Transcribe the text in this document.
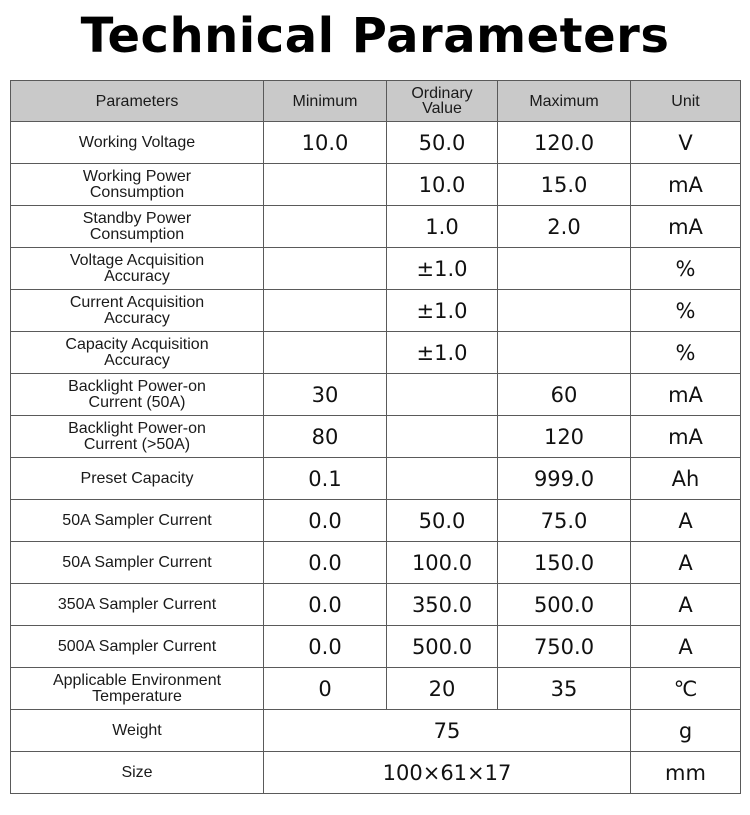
Technical Parameters
Parameters	Minimum	Ordinary Value	Maximum	Unit
Working Voltage	10.0	50.0	120.0	V
Working Power Consumption		10.0	15.0	mA
Standby Power Consumption		1.0	2.0	mA
Voltage Acquisition Accuracy		±1.0		%
Current Acquisition Accuracy		±1.0		%
Capacity Acquisition Accuracy		±1.0		%
Backlight Power-on Current (50A)	30		60	mA
Backlight Power-on Current (>50A)	80		120	mA
Preset Capacity	0.1		999.0	Ah
50A Sampler Current	0.0	50.0	75.0	A
50A Sampler Current	0.0	100.0	150.0	A
350A Sampler Current	0.0	350.0	500.0	A
500A Sampler Current	0.0	500.0	750.0	A
Applicable Environment Temperature	0	20	35	℃
Weight	75			g
Size	100×61×17			mm
